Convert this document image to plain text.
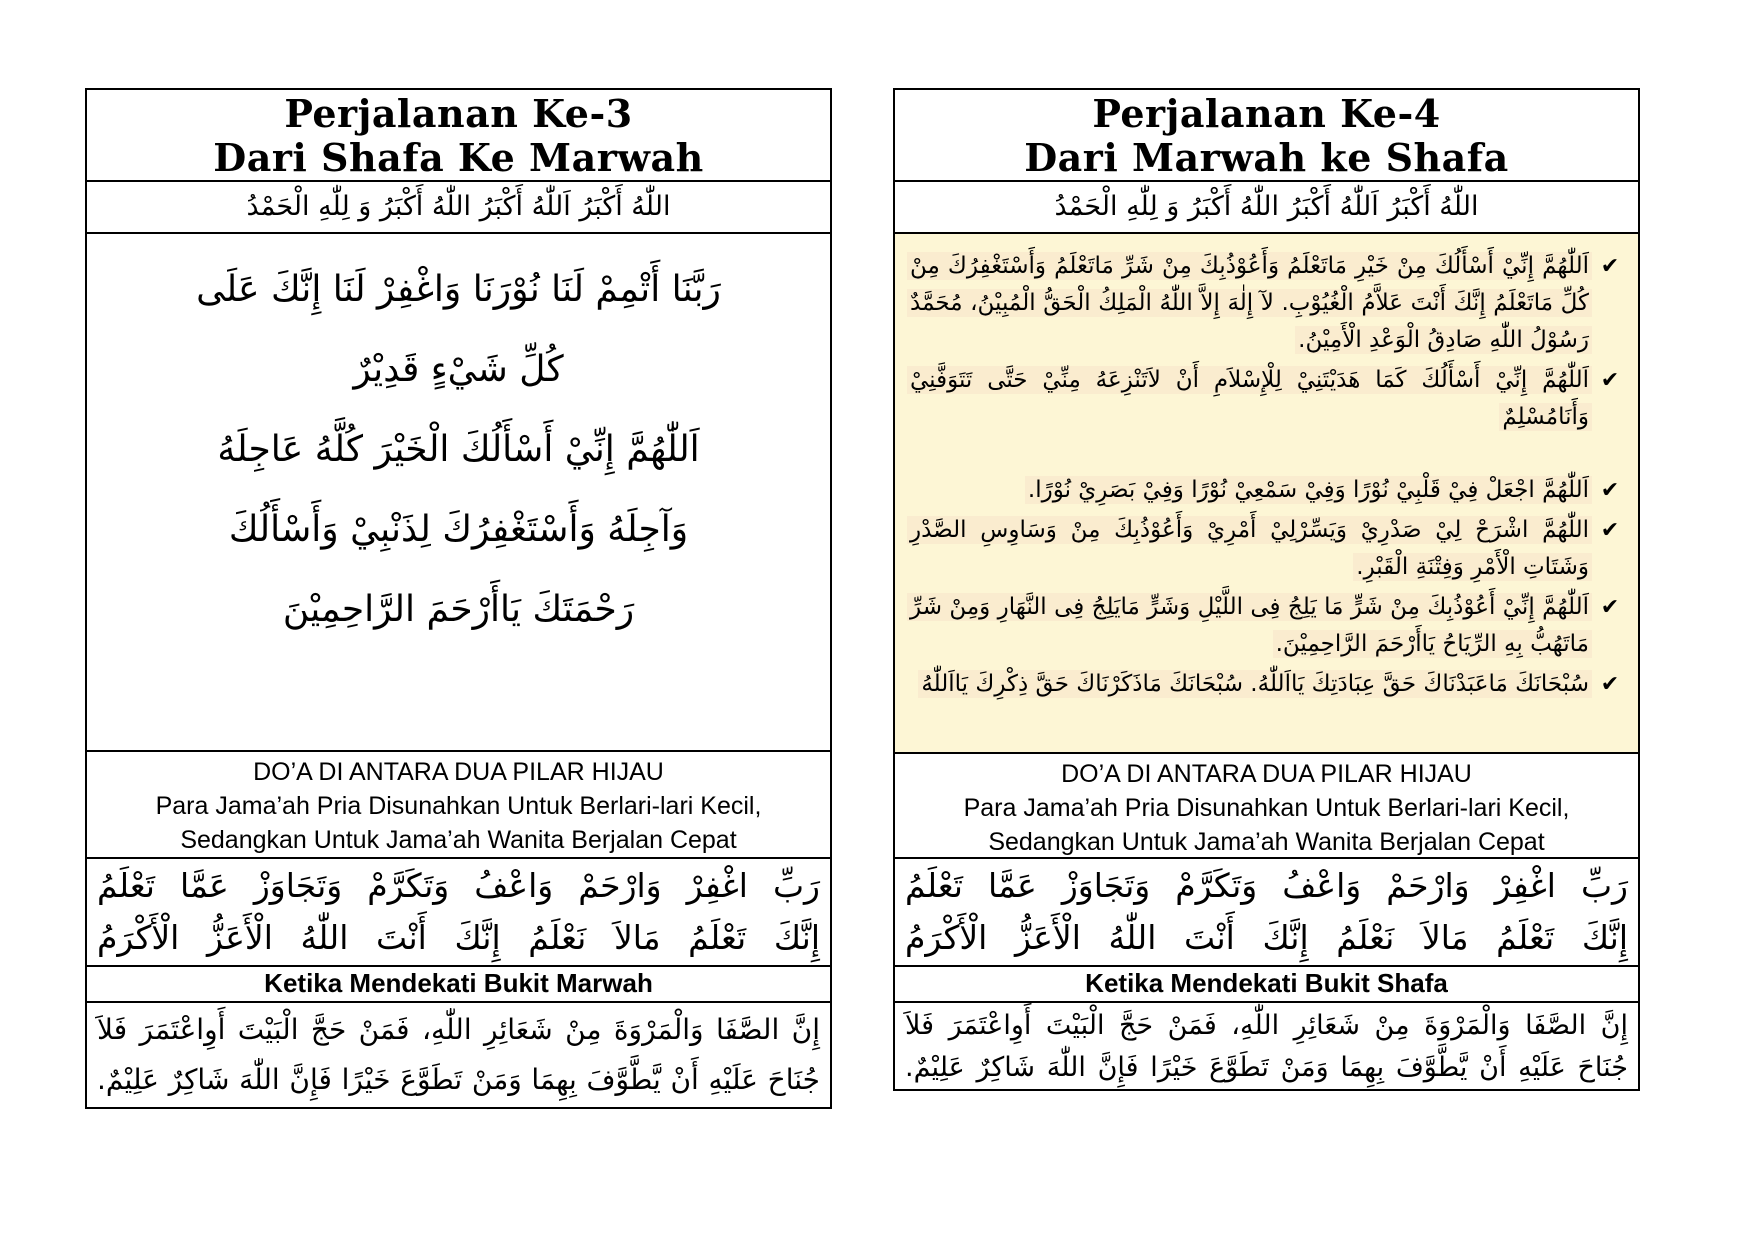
Perjalanan Ke-3
Dari Shafa Ke Marwah
اللّٰهُ أَكْبَرُ اَللّٰهُ أَكْبَرُ اللّٰهُ أَكْبَرُ وَ لِلّٰهِ الْحَمْدُ
رَبَّنَا أَتْمِمْ لَنَا نُوْرَنَا وَاغْفِرْ لَنَا إِنَّكَ عَلَى
كُلِّ شَيْءٍ قَدِيْرٌ
اَللّٰهُمَّ إِنِّيْ أَسْأَلُكَ الْخَيْرَ كُلَّهُ عَاجِلَهُ
وَآجِلَهُ وَأَسْتَغْفِرُكَ لِذَنْبِيْ وَأَسْأَلُكَ
رَحْمَتَكَ يَاأَرْحَمَ الرَّاحِمِيْنَ
DO’A DI ANTARA DUA PILAR HIJAU
Para Jama’ah Pria Disunahkan Untuk Berlari-lari Kecil,
Sedangkan Untuk Jama’ah Wanita Berjalan Cepat
رَبِّ اغْفِرْ وَارْحَمْ وَاعْفُ وَتَكَرَّمْ وَتَجَاوَزْ عَمَّا تَعْلَمُ
إِنَّكَ تَعْلَمُ مَالاَ نَعْلَمُ إِنَّكَ أَنْتَ اللّٰهُ الْأَعَزُّ الْأَكْرَمُ
Ketika Mendekati Bukit Marwah
إِنَّ الصَّفَا وَالْمَرْوَةَ مِنْ شَعَائِرِ اللّٰهِ، فَمَنْ حَجَّ الْبَيْتَ أَوِاعْتَمَرَ فَلاَ
جُنَاحَ عَلَيْهِ أَنْ يَّطَّوَّفَ بِهِمَا وَمَنْ تَطَوَّعَ خَيْرًا فَإِنَّ اللّٰهَ شَاكِرٌ عَلِيْمٌ.
Perjalanan Ke-4
Dari Marwah ke Shafa
اللّٰهُ أَكْبَرُ اَللّٰهُ أَكْبَرُ اللّٰهُ أَكْبَرُ وَ لِلّٰهِ الْحَمْدُ
✔
اَللّٰهُمَّ إِنِّيْ أَسْأَلُكَ مِنْ خَيْرِ مَاتَعْلَمُ وَأَعُوْذُبِكَ مِنْ شَرِّ مَاتَعْلَمُ وَأَسْتَغْفِرُكَ مِنْ كُلِّ مَاتَعْلَمُ إِنَّكَ أَنْتَ عَلاَّمُ الْغُيُوْبِ. لآ إِلٰهَ إِلاَّ اللّٰهُ الْمَلِكُ الْحَقُّ الْمُبِيْنُ، مُحَمَّدٌ رَسُوْلُ اللّٰهِ صَادِقُ الْوَعْدِ الْأَمِيْنُ.
✔
اَللّٰهُمَّ إِنِّيْ أَسْأَلُكَ كَمَا هَدَيْتَنِيْ لِلْإِسْلاَمِ أَنْ لاَتَنْزِعَهُ مِنِّيْ حَتَّى تَتَوَفَّنِيْ وَأَنَامُسْلِمٌ
✔
اَللّٰهُمَّ اجْعَلْ فِيْ قَلْبِيْ نُوْرًا وَفِيْ سَمْعِيْ نُوْرًا وَفِيْ بَصَرِيْ نُوْرًا.
✔
اللّٰهُمَّ اشْرَحْ لِيْ صَدْرِيْ وَيَسِّرْلِيْ أَمْرِيْ وَأَعُوْذُبِكَ مِنْ وَسَاوِسِ الصَّدْرِ وَشَتَاتِ الْأَمْرِ وَفِتْنَةِ الْقَبْرِ.
✔
اَللّٰهُمَّ إِنِّيْ أَعُوْذُبِكَ مِنْ شَرٍّ مَا يَلِجُ فِى اللَّيْلِ وَشَرٍّ مَايَلِجُ فِى النَّهَارِ وَمِنْ شَرِّ مَاتَهُبُّ بِهِ الرِّيَاحُ يَاأَرْحَمَ الرَّاحِمِيْنَ.
✔
سُبْحَانَكَ مَاعَبَدْنَاكَ حَقَّ عِبَادَتِكَ يَااَللّٰهُ. سُبْحَانَكَ مَاذَكَرْنَاكَ حَقَّ ذِكْرِكَ يَااَللّٰهُ
DO’A DI ANTARA DUA PILAR HIJAU
Para Jama’ah Pria Disunahkan Untuk Berlari-lari Kecil,
Sedangkan Untuk Jama’ah Wanita Berjalan Cepat
رَبِّ اغْفِرْ وَارْحَمْ وَاعْفُ وَتَكَرَّمْ وَتَجَاوَزْ عَمَّا تَعْلَمُ
إِنَّكَ تَعْلَمُ مَالاَ نَعْلَمُ إِنَّكَ أَنْتَ اللّٰهُ الْأَعَزُّ الْأَكْرَمُ
Ketika Mendekati Bukit Shafa
إِنَّ الصَّفَا وَالْمَرْوَةَ مِنْ شَعَائِرِ اللّٰهِ، فَمَنْ حَجَّ الْبَيْتَ أَوِاعْتَمَرَ فَلاَ
جُنَاحَ عَلَيْهِ أَنْ يَّطَّوَّفَ بِهِمَا وَمَنْ تَطَوَّعَ خَيْرًا فَإِنَّ اللّٰهَ شَاكِرٌ عَلِيْمٌ.
